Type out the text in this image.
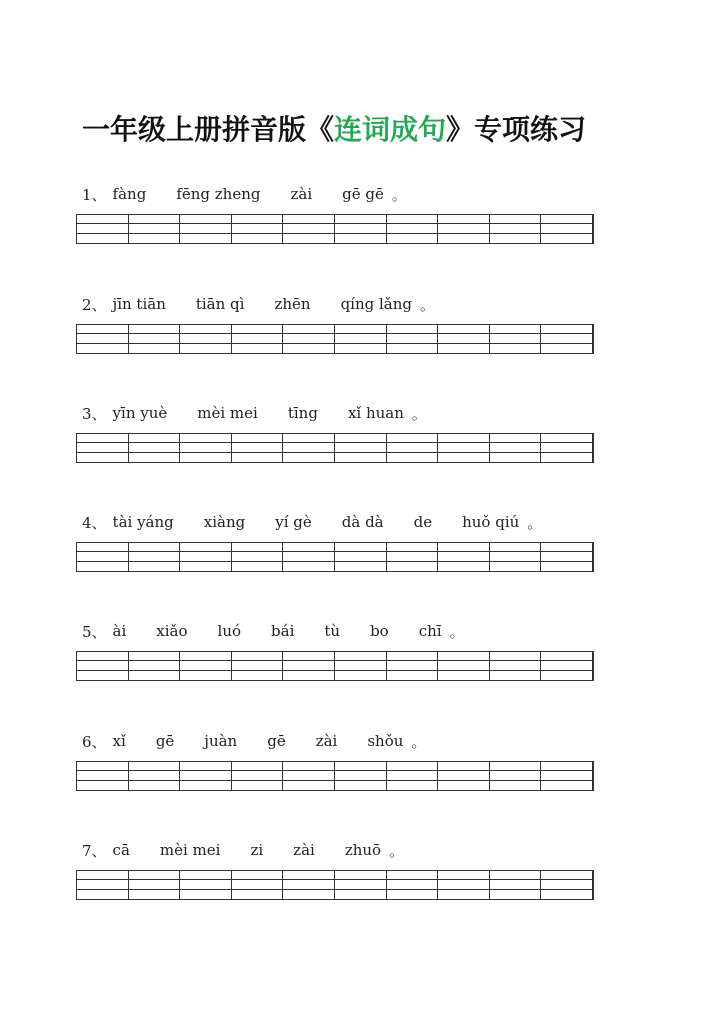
一年级上册拼音版《连词成句》专项练习
1、 fàng fēng zheng zài gē gē 。
2、 jīn tiān tiān qì zhēn qíng lǎng 。
3、 yīn yuè mèi mei tīng xǐ huan 。
4、 tài yáng xiàng yí gè dà dà de huǒ qiú 。
5、 ài xiǎo luó bái tù bo chī 。
6、 xǐ gē juàn gē zài shǒu 。
7、 cā mèi mei zi zài zhuō 。
